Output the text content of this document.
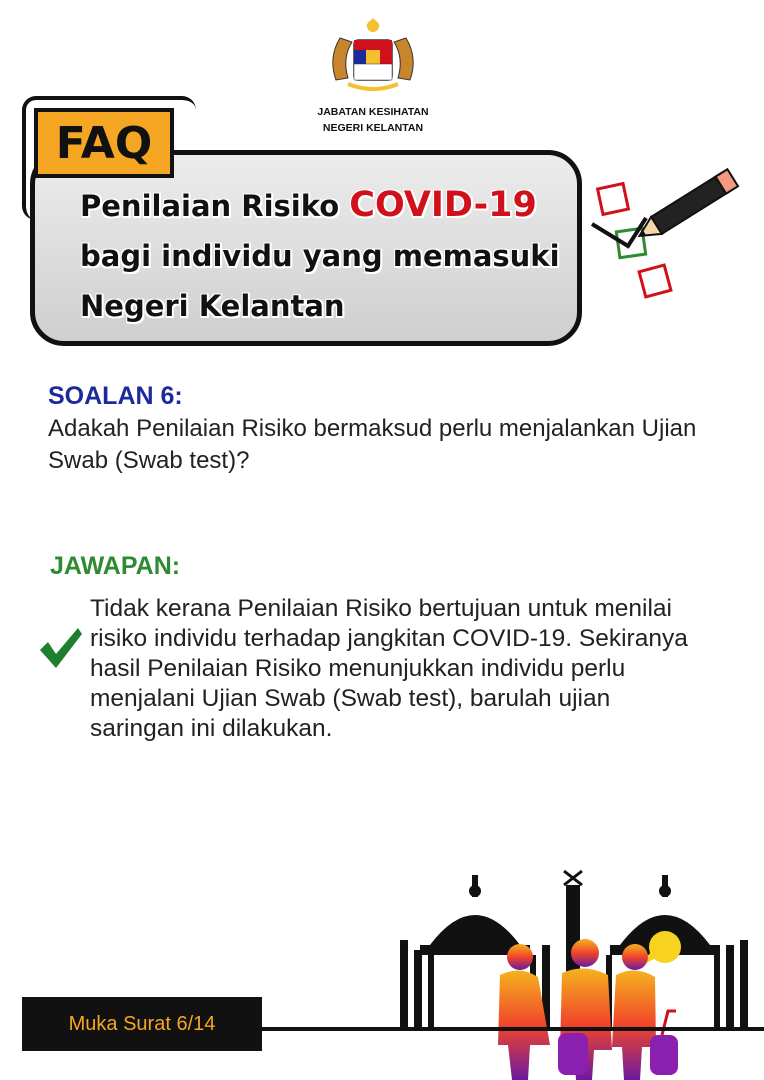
JABATAN KESIHATAN
NEGERI KELANTAN
FAQ
Penilaian Risiko COVID-19
bagi individu yang memasuki
Negeri Kelantan
SOALAN 6:
Adakah Penilaian Risiko bermaksud perlu menjalankan Ujian Swab (Swab test)?
JAWAPAN:
Tidak kerana Penilaian Risiko bertujuan untuk menilai risiko individu terhadap jangkitan COVID-19. Sekiranya hasil Penilaian Risiko menunjukkan individu perlu menjalani Ujian Swab (Swab test), barulah ujian saringan ini dilakukan.
Muka Surat 6/14
